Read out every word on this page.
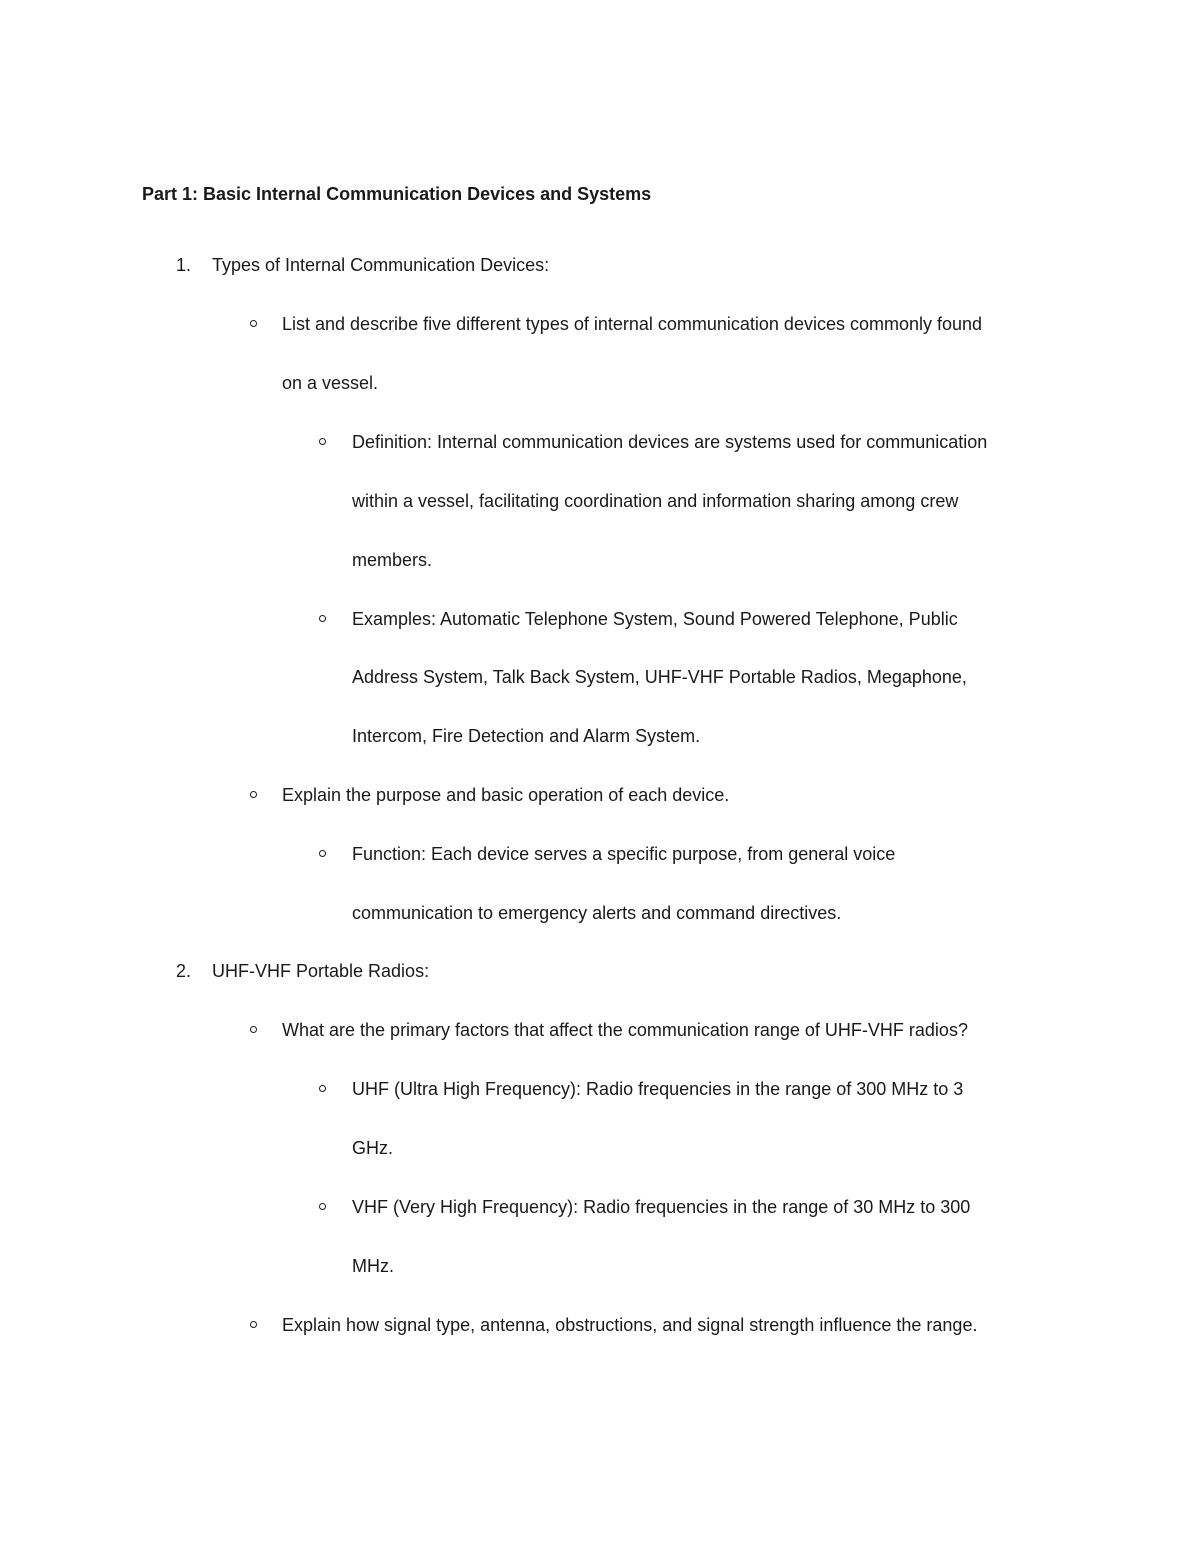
Part 1: Basic Internal Communication Devices and Systems
1. Types of Internal Communication Devices:
List and describe five different types of internal communication devices commonly found
on a vessel.
Definition: Internal communication devices are systems used for communication
within a vessel, facilitating coordination and information sharing among crew
members.
Examples: Automatic Telephone System, Sound Powered Telephone, Public
Address System, Talk Back System, UHF-VHF Portable Radios, Megaphone,
Intercom, Fire Detection and Alarm System.
Explain the purpose and basic operation of each device.
Function: Each device serves a specific purpose, from general voice
communication to emergency alerts and command directives.
2. UHF-VHF Portable Radios:
What are the primary factors that affect the communication range of UHF-VHF radios?
UHF (Ultra High Frequency): Radio frequencies in the range of 300 MHz to 3
GHz.
VHF (Very High Frequency): Radio frequencies in the range of 30 MHz to 300
MHz.
Explain how signal type, antenna, obstructions, and signal strength influence the range.
